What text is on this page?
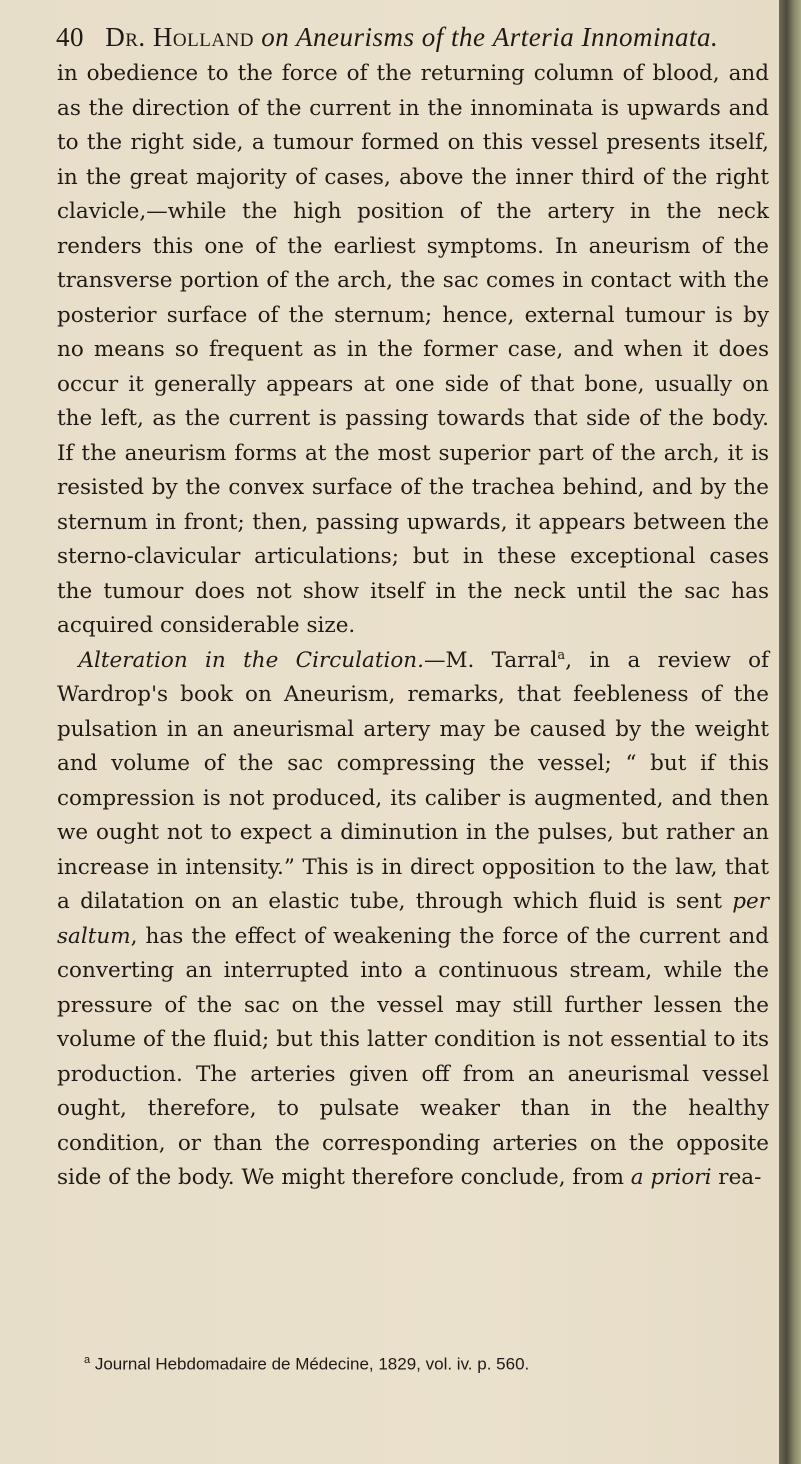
40 Dr. Holland on Aneurisms of the Arteria Innominata.

in obedience to the force of the returning column of blood, and as the direction of the current in the innominata is upwards and to the right side, a tumour formed on this vessel presents itself, in the great majority of cases, above the inner third of the right clavicle,—while the high position of the artery in the neck renders this one of the earliest symptoms. In aneurism of the transverse portion of the arch, the sac comes in contact with the posterior surface of the sternum; hence, external tumour is by no means so frequent as in the former case, and when it does occur it generally appears at one side of that bone, usually on the left, as the current is passing towards that side of the body. If the aneurism forms at the most superior part of the arch, it is resisted by the convex surface of the trachea behind, and by the sternum in front; then, passing upwards, it appears between the sterno-clavicular articulations; but in these exceptional cases the tumour does not show itself in the neck until the sac has acquired considerable size.

 Alteration in the Circulation.—M. Tarral$^a$, in a review of Wardrop's book on Aneurism, remarks, that feebleness of the pulsation in an aneurismal artery may be caused by the weight and volume of the sac compressing the vessel; “ but if this compression is not produced, its caliber is augmented, and then we ought not to expect a diminution in the pulses, but rather an increase in intensity.” This is in direct opposition to the law, that a dilatation on an elastic tube, through which fluid is sent per saltum, has the effect of weakening the force of the current and converting an interrupted into a continuous stream, while the pressure of the sac on the vessel may still further lessen the volume of the fluid; but this latter condition is not essential to its production. The arteries given off from an aneurismal vessel ought, therefore, to pulsate weaker than in the healthy condition, or than the corresponding arteries on the opposite side of the body. We might therefore conclude, from a priori rea-

$^a$ Journal Hebdomadaire de Médecine, 1829, vol. iv. p. 560.
